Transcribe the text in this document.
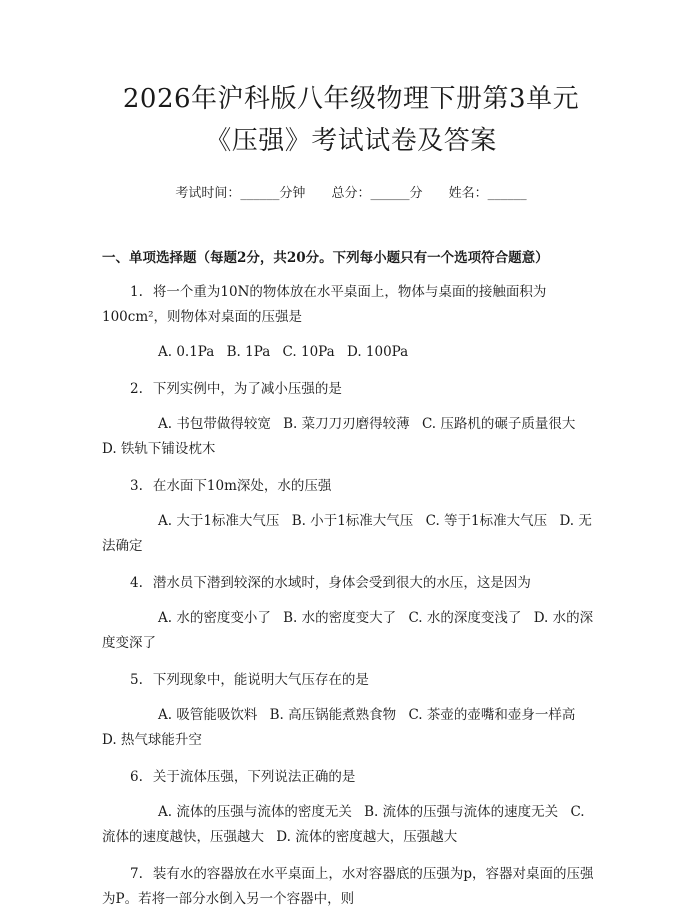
2026年沪科版八年级物理下册第3单元《压强》考试试卷及答案
考试时间：______分钟 总分：______分 姓名：______
一、单项选择题（每题2分，共20分。下列每小题只有一个选项符合题意）
1. 将一个重为10N的物体放在水平桌面上，物体与桌面的接触面积为100cm²，则物体对桌面的压强是
A. 0.1Pa B. 1Pa C. 10Pa D. 100Pa
2. 下列实例中，为了减小压强的是
A. 书包带做得较宽 B. 菜刀刀刃磨得较薄 C. 压路机的碾子质量很大 D. 铁轨下铺设枕木
3. 在水面下10m深处，水的压强
A. 大于1标准大气压 B. 小于1标准大气压 C. 等于1标准大气压 D. 无法确定
4. 潜水员下潜到较深的水域时，身体会受到很大的水压，这是因为
A. 水的密度变小了 B. 水的密度变大了 C. 水的深度变浅了 D. 水的深度变深了
5. 下列现象中，能说明大气压存在的是
A. 吸管能吸饮料 B. 高压锅能煮熟食物 C. 茶壶的壶嘴和壶身一样高 D. 热气球能升空
6. 关于流体压强，下列说法正确的是
A. 流体的压强与流体的密度无关 B. 流体的压强与流体的速度无关 C. 流体的速度越快，压强越大 D. 流体的密度越大，压强越大
7. 装有水的容器放在水平桌面上，水对容器底的压强为p，容器对桌面的压强为P。若将一部分水倒入另一个容器中，则
